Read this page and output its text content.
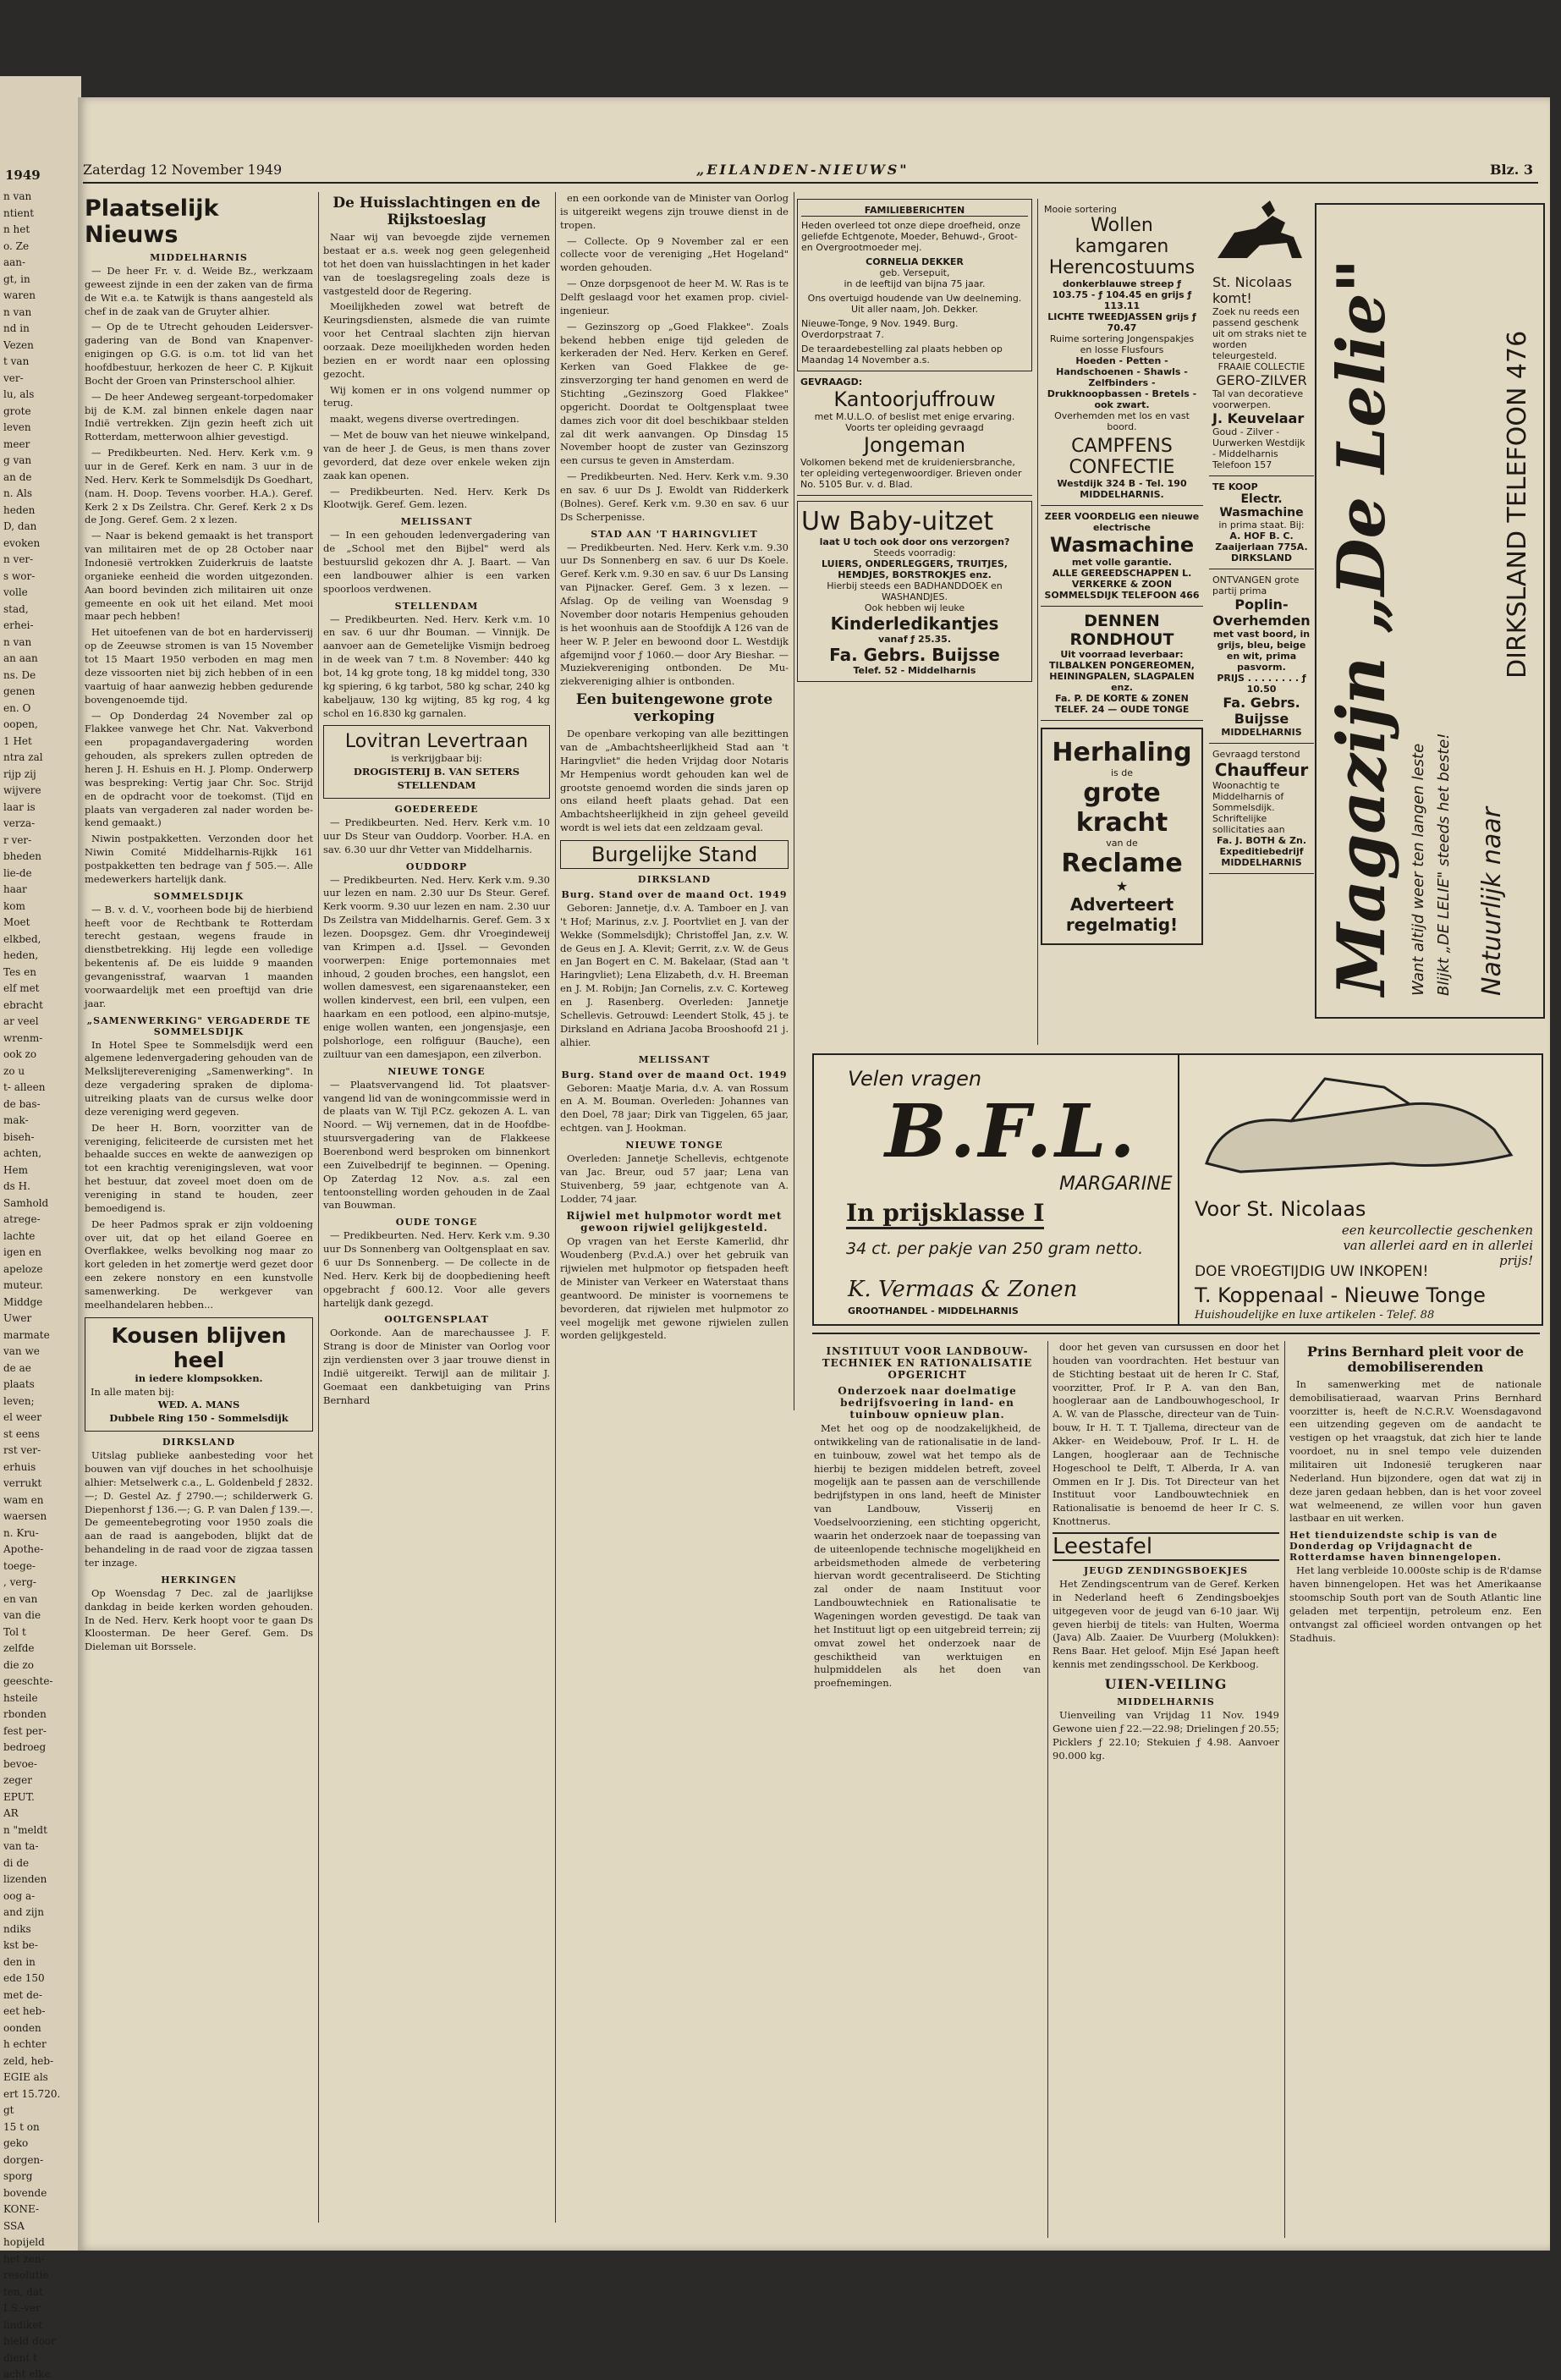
1949
n van
ntient
n het
o. Ze
aan-
gt, in
waren
n van
nd in
Vezen
t van
ver-
lu, als
grote
leven
meer
g van
an de
n. Als
heden
D, dan
evoken
n ver-
s wor-
volle
stad,
erhei-
n van
an aan
ns. De
genen
en. O
oopen,
1 Het
ntra zal
rijp zij
wijvere
laar is
verza-
r ver-
bheden
lie-de
haar
kom
Moet
elkbed,
heden,
Tes en
elf met
ebracht
ar veel
wrenm-
ook zo
zo u
t- alleen
de bas-
mak-
biseh-
achten,
Hem
ds H.
Samhold
atrege-
lachte
igen en
apeloze
muteur.
Middge
Uwer
marmate
van we
de ae
plaats
leven;
el weer
st eens
rst ver-
erhuis
verrukt
wam en
waersen
n. Kru-
Apothe-
toege-
, verg-
en van
van die
Tol t
zelfde
die zo
geeschte-
hsteile
rbonden
fest per-
bedroeg
bevoe-
zeger
EPUT.
AR
n "meldt
van ta-
di de
lizenden
oog a-
and zijn
ndiks
kst be-
den in
ede 150
met de-
eet heb-
oonden
h echter
zeld, heb-
EGIE als
ert 15.720.
gt
15 t on
geko
dorgen-
sporg
bovende
KONE-
SSA
hopijeld
het zen-
resolutie
ten, dat
I.S.-ver
lindiket
hield door
dient t
acht elke
Zaterdag 12 November 1949	„EILANDEN-NIEUWS"	Blz. 3
Plaatselijk Nieuws
MIDDELHARNIS

— De heer Fr. v. d. Weide Bz., werkzaam geweest zijnde in een der zaken van de firma de Wit e.a. te Katwijk is thans aangesteld als chef in de zaak van de Gruyter alhier.

— Op de te Utrecht gehouden Leidersvergadering van de Bond van Knapenverenigingen op G.G. is o.m. tot lid van het hoofdbestuur, herkozen de heer C. P. Kijkuit Bocht der Groen van Prinsterschool alhier.

— De heer Andeweg sergeant-torpedomaker bij de K.M. zal binnen enkele dagen naar Indië vertrekken. Zijn gezin heeft zich uit Rotterdam, metterwoon alhier gevestigd.

— Predikbeurten. Ned. Herv. Kerk v.m. 9 uur in de Geref. Kerk en nam. 3 uur in de Ned. Herv. Kerk te Sommelsdijk Ds Goedhart, (nam. H. Doop. Tevens voorber. H.A.). Geref. Kerk 2 x Ds Zeilstra. Chr. Geref. Kerk 2 x Ds de Jong. Geref. Gem. 2 x lezen.

— Naar is bekend gemaakt is het transport van militairen met de op 28 October naar Indonesië vertrokken Zuiderkruis de laatste organieke eenheid die worden uitgezonden. Aan boord bevinden zich militairen uit onze gemeente en ook uit het eiland. Met mooi maar pech hebben!

Het uitoefenen van de bot en hardervisserij op de Zeeuwse stromen is van 15 November tot 15 Maart 1950 verboden en mag men deze vissoorten niet bij zich hebben of in een vaartuig of haar aanwezig hebben gedurende bovengenoemde tijd.

— Op Donderdag 24 November zal op Flakkee vanwege het Chr. Nat. Vakverbond een propagandavergadering worden gehouden, als sprekers zullen optreden de heren J. H. Eshuis en H. J. Plomp. Onderwerp was bespreking: Vertig jaar Chr. Soc. Strijd en de opdracht voor de toekomst. (Tijd en plaats van vergaderen zal nader worden bekend gemaakt.)

Niwin postpakketten. Verzonden door het Niwin Comité Middelharnis-Rijkk 161 postpakketten ten bedrage van ƒ 505.—. Alle medewerkers hartelijk dank.

SOMMELSDIJK

— B. v. d. V., voorheen bode bij de hierbiend heeft voor de Rechtbank te Rotterdam terecht gestaan, wegens fraude in dienstbetrekking. Hij legde een volledige bekentenis af. De eis luidde 9 maanden gevangenisstraf, waarvan 1 maanden voorwaardelijk met een proeftijd van drie jaar.

„SAMENWERKING" VERGADERDE TE SOMMELSDIJK

In Hotel Spee te Sommelsdijk werd een algemene ledenvergadering gehouden van de Melkslijterevereniging „Samenwerking". In deze vergadering spraken de diploma-uitreiking plaats van de cursus welke door deze vereniging werd gegeven.

De heer H. Born, voorzitter van de vereniging, feliciteerde de cursisten met het behaalde succes en wekte de aanwezigen op tot een krachtig verenigingsleven, wat voor het bestuur, dat zoveel moet doen om de vereniging in stand te houden, zeer bemoedigend is.

De heer Padmos sprak er zijn voldoening over uit, dat op het eiland Goeree en Overflakkee, welks bevolking nog maar zo kort geleden in het zomertje werd gezet door een zekere nonstory en een kunstvolle samenwerking. De werkgever van meelhandelaren hebben...

Kousen blijven heel
in iedere klompsokken.
In alle maten bij:
WED. A. MANS
Dubbele Ring 150 - Sommelsdijk
DIRKSLAND

Uitslag publieke aanbesteding voor het bouwen van vijf douches in het schoolhuisje alhier: Metselwerk c.a., L. Goldenbeld ƒ 2832.—; D. Gestel Az. ƒ 2790.—; schilderwerk G. Diepenhorst ƒ 136.—; G. P. van Dalen ƒ 139.—. De gemeentebegroting voor 1950 zoals die aan de raad is aangeboden, blijkt dat de behandeling in de raad voor de zigzaa tassen ter inzage.

HERKINGEN

Op Woensdag 7 Dec. zal de jaarlijkse dankdag in beide kerken worden gehouden. In de Ned. Herv. Kerk hoopt voor te gaan Ds Kloosterman. De heer Geref. Gem. Ds Dieleman uit Borssele.

De Huisslachtingen en de Rijkstoeslag

Naar wij van bevoegde zijde vernemen bestaat er a.s. week nog geen gelegenheid tot het doen van huisslachtingen in het kader van de toeslagsregeling zoals deze is vastgesteld door de Regering.

Moeilijkheden zowel wat betreft de Keuringsdiensten, alsmede die van ruimte voor het Centraal slachten zijn hiervan oorzaak. Deze moeilijkheden worden heden bezien en er wordt naar een oplossing gezocht.

Wij komen er in ons volgend nummer op terug.

maakt, wegens diverse overtredingen.

— Met de bouw van het nieuwe winkelpand, van de heer J. de Geus, is men thans zover gevorderd, dat deze over enkele weken zijn zaak kan openen.

— Predikbeurten. Ned. Herv. Kerk Ds Klootwijk. Geref. Gem. lezen.

MELISSANT

— In een gehouden ledenvergadering van de „School met den Bijbel" werd als bestuurslid gekozen dhr A. J. Baart. — Van een landbouwer alhier is een varken spoorloos verdwenen.

STELLENDAM

— Predikbeurten. Ned. Herv. Kerk v.m. 10 en sav. 6 uur dhr Bouman. — Vinnijk. De aanvoer aan de Gemetelijke Vismijn bedroeg in de week van 7 t.m. 8 November: 440 kg bot, 14 kg grote tong, 18 kg middel tong, 330 kg spiering, 6 kg tarbot, 580 kg schar, 240 kg kabeljauw, 130 kg wijting, 85 kg rog, 4 kg schol en 16.830 kg garnalen.

Lovitran Levertraan
is verkrijgbaar bij:
DROGISTERIJ B. VAN SETERS STELLENDAM
GOEDEREEDE

— Predikbeurten. Ned. Herv. Kerk v.m. 10 uur Ds Steur van Ouddorp. Voorber. H.A. en sav. 6.30 uur dhr Vetter van Middelharnis.

OUDDORP

— Predikbeurten. Ned. Herv. Kerk v.m. 9.30 uur lezen en nam. 2.30 uur Ds Steur. Geref. Kerk voorm. 9.30 uur lezen en nam. 2.30 uur Ds Zeilstra van Middelharnis. Geref. Gem. 3 x lezen. Doopsgez. Gem. dhr Vroegindeweij van Krimpen a.d. IJssel. — Gevonden voorwerpen: Enige portemonnaies met inhoud, 2 gouden broches, een hangslot, een wollen damesvest, een sigarenaansteker, een wollen kindervest, een bril, een vulpen, een haarkam en een potlood, een alpino-mutsje, enige wollen wanten, een jongensjasje, een polshorloge, een rolfiguur (Bauche), een zuiltuur van een damesjapon, een zilverbon.

NIEUWE TONGE

— Plaatsvervangend lid. Tot plaatsvervangend lid van de woningcommissie werd in de plaats van W. Tijl P.Cz. gekozen A. L. van Noord. — Wij vernemen, dat in de Hoofdbestuursvergadering van de Flakkeese Boerenbond werd besproken om binnenkort een Zuivelbedrijf te beginnen. — Opening. Op Zaterdag 12 Nov. a.s. zal een tentoonstelling worden gehouden in de Zaal van Bouwman.

OUDE TONGE

— Predikbeurten. Ned. Herv. Kerk v.m. 9.30 uur Ds Sonnenberg van Ooltgensplaat en sav. 6 uur Ds Sonnenberg. — De collecte in de Ned. Herv. Kerk bij de doopbediening heeft opgebracht ƒ 600.12. Voor alle gevers hartelijk dank gezegd.

OOLTGENSPLAAT

Oorkonde. Aan de marechaussee J. F. Strang is door de Minister van Oorlog voor zijn verdiensten over 3 jaar trouwe dienst in Indië uitgereikt. Terwijl aan de militair J. Goemaat een dankbetuiging van Prins Bernhard

en een oorkonde van de Minister van Oorlog is uitgereikt wegens zijn trouwe dienst in de tropen.

— Collecte. Op 9 November zal er een collecte voor de vereniging „Het Hogeland" worden gehouden.

— Onze dorpsgenoot de heer M. W. Ras is te Delft geslaagd voor het examen prop. civiel-ingenieur.

— Gezinszorg op „Goed Flakkee". Zoals bekend hebben enige tijd geleden de kerkeraden der Ned. Herv. Kerken en Geref. Kerken van Goed Flakkee de gezinsverzorging ter hand genomen en werd de Stichting „Gezinszorg Goed Flakkee" opgericht. Doordat te Ooltgensplaat twee dames zich voor dit doel beschikbaar stelden zal dit werk aanvangen. Op Dinsdag 15 November hoopt de zuster van Gezinszorg een cursus te geven in Amsterdam.

— Predikbeurten. Ned. Herv. Kerk v.m. 9.30 en sav. 6 uur Ds J. Ewoldt van Ridderkerk (Bolnes). Geref. Kerk v.m. 9.30 en sav. 6 uur Ds Scherpenisse.

STAD AAN 'T HARINGVLIET

— Predikbeurten. Ned. Herv. Kerk v.m. 9.30 uur Ds Sonnenberg en sav. 6 uur Ds Koele. Geref. Kerk v.m. 9.30 en sav. 6 uur Ds Lansing van Pijnacker. Geref. Gem. 3 x lezen. — Afslag. Op de veiling van Woensdag 9 November door notaris Hempenius gehouden is het woonhuis aan de Stoofdijk A 126 van de heer W. P. Jeler en bewoond door L. Westdijk afgemijnd voor ƒ 1060.— door Ary Bieshar. — Muziekvereniging ontbonden. De Muziekvereniging alhier is ontbonden.

Een buitengewone grote verkoping

De openbare verkoping van alle bezittingen van de „Ambachtsheerlijkheid Stad aan 't Haringvliet" die heden Vrijdag door Notaris Mr Hempenius wordt gehouden kan wel de grootste genoemd worden die sinds jaren op ons eiland heeft plaats gehad. Dat een Ambachtsheerlijkheid in zijn geheel geveild wordt is wel iets dat een zeldzaam geval.

Burgelijke Stand
DIRKSLAND
Burg. Stand over de maand Oct. 1949

Geboren: Jannetje, d.v. A. Tamboer en J. van 't Hof; Marinus, z.v. J. Poortvliet en J. van der Wekke (Sommelsdijk); Christoffel Jan, z.v. W. de Geus en J. A. Klevit; Gerrit, z.v. W. de Geus en Jan Bogert en C. M. Bakelaar, (Stad aan 't Haringvliet); Lena Elizabeth, d.v. H. Breeman en J. M. Robijn; Jan Cornelis, z.v. C. Korteweg en J. Rasenberg. Overleden: Jannetje Schellevis. Getrouwd: Leendert Stolk, 45 j. te Dirksland en Adriana Jacoba Brooshoofd 21 j. alhier.

MELISSANT
Burg. Stand over de maand Oct. 1949

Geboren: Maatje Maria, d.v. A. van Rossum en A. M. Bouman. Overleden: Johannes van den Doel, 78 jaar; Dirk van Tiggelen, 65 jaar, echtgen. van J. Hookman.

NIEUWE TONGE

Overleden: Jannetje Schellevis, echtgenote van Jac. Breur, oud 57 jaar; Lena van Stuivenberg, 59 jaar, echtgenote van A. Lodder, 74 jaar.

Rijwiel met hulpmotor wordt met gewoon rijwiel gelijkgesteld.

Op vragen van het Eerste Kamerlid, dhr Woudenberg (P.v.d.A.) over het gebruik van rijwielen met hulpmotor op fietspaden heeft de Minister van Verkeer en Waterstaat thans geantwoord. De minister is voornemens te bevorderen, dat rijwielen met hulpmotor zo veel mogelijk met gewone rijwielen zullen worden gelijkgesteld.

FAMILIEBERICHTEN
Heden overleed tot onze diepe droefheid, onze geliefde Echtgenote, Moeder, Behuwd-, Groot- en Overgrootmoeder mej.
CORNELIA DEKKER
geb. Versepuit,
in de leeftijd van bijna 75 jaar.
Ons overtuigd houdende van Uw deelneming. Uit aller naam, Joh. Dekker.
Nieuwe-Tonge, 9 Nov. 1949. Burg. Overdorpstraat 7.
De teraardebestelling zal plaats hebben op Maandag 14 November a.s.
GEVRAAGD:
Kantoorjuffrouw
met M.U.L.O. of beslist met enige ervaring. Voorts ter opleiding gevraagd
Jongeman
Volkomen bekend met de kruideniersbranche, ter opleiding vertegenwoordiger. Brieven onder No. 5105 Bur. v. d. Blad.
Uw Baby-uitzet
laat U toch ook door ons verzorgen?
Steeds voorradig:
LUIERS, ONDERLEGGERS, TRUITJES, HEMDJES, BORSTROKJES enz.
Hierbij steeds een BADHANDDOEK en WASHANDJES.
Ook hebben wij leuke
Kinderledikantjes
vanaf ƒ 25.35.
Fa. Gebrs. Buijsse
Telef. 52 - Middelharnis
Mooie sortering
Wollen kamgaren Herencostuums
donkerblauwe streep ƒ 103.75 - ƒ 104.45 en grijs ƒ 113.11
LICHTE TWEEDJASSEN grijs ƒ 70.47
Ruime sortering Jongenspakjes en losse Flusfours
Hoeden - Petten - Handschoenen - Shawls - Zelfbinders - Drukknoopbassen - Bretels - ook zwart.
Overhemden met los en vast boord.
CAMPFENS CONFECTIE
Westdijk 324 B - Tel. 190 MIDDELHARNIS.
ZEER VOORDELIG een nieuwe electrische
Wasmachine
met volle garantie.
ALLE GEREEDSCHAPPEN L. VERKERKE & ZOON SOMMELSDIJK TELEFOON 466
DENNEN RONDHOUT
Uit voorraad leverbaar: TILBALKEN PONGEREOMEN, HEININGPALEN, SLAGPALEN enz.
Fa. P. DE KORTE & ZONEN TELEF. 24 — OUDE TONGE
Herhaling
is de
grote kracht
van de
Reclame
★
Adverteert regelmatig!
St. Nicolaas komt!
Zoek nu reeds een passend geschenk uit om straks niet te worden teleurgesteld.
FRAAIE COLLECTIE
GERO-ZILVER
Tal van decoratieve voorwerpen.
J. Keuvelaar
Goud - Zilver - Uurwerken Westdijk - Middelharnis Telefoon 157
TE KOOP
Electr. Wasmachine
in prima staat. Bij:
A. HOF B. C. Zaaijerlaan 775A. DIRKSLAND
ONTVANGEN grote partij prima
Poplin-Overhemden
met vast boord, in grijs, bleu, beige en wit, prima pasvorm.
PRIJS . . . . . . . . ƒ 10.50
Fa. Gebrs. Buijsse
MIDDELHARNIS
Gevraagd terstond
Chauffeur
Woonachtig te Middelharnis of Sommelsdijk. Schriftelijke sollicitaties aan
Fa. J. BOTH & Zn. Expeditiebedrijf MIDDELHARNIS Magazijn „De Lelie"	Natuurlijk naar
Want altijd weer ten langen leste Blijkt „DE LELIE" steeds het beste!
DIRKSLAND TELEFOON 476
Velen vragen
B.F.L.
MARGARINE
In prijsklasse I
34 ct. per pakje van 250 gram netto.
K. Vermaas & Zonen
GROOTHANDEL - MIDDELHARNIS
Voor St. Nicolaas
een keurcollectie geschenken van allerlei aard en in allerlei prijs!
DOE VROEGTIJDIG UW INKOPEN!
T. Koppenaal - Nieuwe Tonge
Huishoudelijke en luxe artikelen - Telef. 88
INSTITUUT VOOR LANDBOUW-TECHNIEK EN RATIONALISATIE OPGERICHT
Onderzoek naar doelmatige bedrijfsvoering in land- en tuinbouw opnieuw plan.

Met het oog op de noodzakelijkheid, de ontwikkeling van de rationalisatie in de land- en tuinbouw, zowel wat het tempo als de hierbij te bezigen middelen betreft, zoveel mogelijk aan te passen aan de verschillende bedrijfstypen in ons land, heeft de Minister van Landbouw, Visserij en Voedselvoorziening, een stichting opgericht, waarin het onderzoek naar de toepassing van de uiteenlopende technische mogelijkheid en arbeidsmethoden almede de verbetering hiervan wordt gecentraliseerd. De Stichting zal onder de naam Instituut voor Landbouwtechniek en Rationalisatie te Wageningen worden gevestigd. De taak van het Instituut ligt op een uitgebreid terrein; zij omvat zowel het onderzoek naar de geschiktheid van werktuigen en hulpmiddelen als het doen van proefnemingen.

door het geven van cursussen en door het houden van voordrachten. Het bestuur van de Stichting bestaat uit de heren Ir C. Staf, voorzitter, Prof. Ir P. A. van den Ban, hoogleraar aan de Landbouwhogeschool, Ir A. W. van de Plassche, directeur van de Tuinbouw, Ir H. T. T. Tjallema, directeur van de Akker- en Weidebouw, Prof. Ir L. H. de Langen, hoogleraar aan de Technische Hogeschool te Delft, T. Alberda, Ir A. van Ommen en Ir J. Dis. Tot Directeur van het Instituut voor Landbouwtechniek en Rationalisatie is benoemd de heer Ir C. S. Knottnerus.

Leestafel
JEUGD ZENDINGSBOEKJES

Het Zendingscentrum van de Geref. Kerken in Nederland heeft 6 Zendingsboekjes uitgegeven voor de jeugd van 6-10 jaar. Wij geven hierbij de titels: van Hulten, Woerma (Java) Alb. Zaaier. De Vuurberg (Molukken): Rens Baar. Het geloof. Mijn Esé Japan heeft kennis met zendingsschool. De Kerkboog.

UIEN-VEILING
MIDDELHARNIS

Uienveiling van Vrijdag 11 Nov. 1949 Gewone uien ƒ 22.—22.98; Drielingen ƒ 20.55; Picklers ƒ 22.10; Stekuien ƒ 4.98. Aanvoer 90.000 kg.

Prins Bernhard pleit voor de demobiliserenden

In samenwerking met de nationale demobilisatieraad, waarvan Prins Bernhard voorzitter is, heeft de N.C.R.V. Woensdagavond een uitzending gegeven om de aandacht te vestigen op het vraagstuk, dat zich hier te lande voordoet, nu in snel tempo vele duizenden militairen uit Indonesië terugkeren naar Nederland. Hun bijzondere, ogen dat wat zij in deze jaren gedaan hebben, dan is het voor zoveel wat welmeenend, ze willen voor hun gaven lastbaar en uit werken.

Het tienduizendste schip is van de Donderdag op Vrijdagnacht de Rotterdamse haven binnengelopen.

Het lang verbleide 10.000ste schip is de R'damse haven binnengelopen. Het was het Amerikaanse stoomschip South port van de South Atlantic line geladen met terpentijn, petroleum enz. Een ontvangst zal officieel worden ontvangen op het Stadhuis.
